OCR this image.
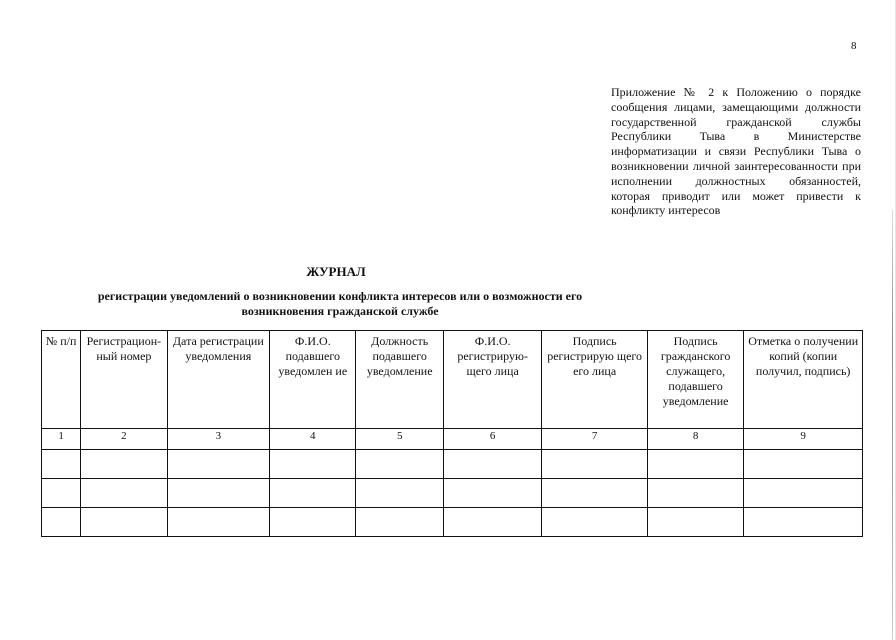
8
Приложение № 2 к Положению о порядке сообщения лицами, замещающими должности государственной гражданской службы Республики Тыва в Министерстве информатизации и связи Республики Тыва о возникновении личной заинтересованности при исполнении должностных обязанностей, которая приводит или может привести к конфликту интересов
ЖУРНАЛ
регистрации уведомлений о возникновении конфликта интересов или о возможности его
возникновения гражданской службе
№ п/п	Регистрацион-ный номер	Дата регистрации уведомления	Ф.И.О. подавшего уведомлен ие	Должность подавшего уведомление	Ф.И.О. регистрирую-щего лица	Подпись регистрирую щего его лица	Подпись гражданского служащего, подавшего уведомление	Отметка о получении копий (копии получил, подпись)
1	2	3	4	5	6	7	8	9
